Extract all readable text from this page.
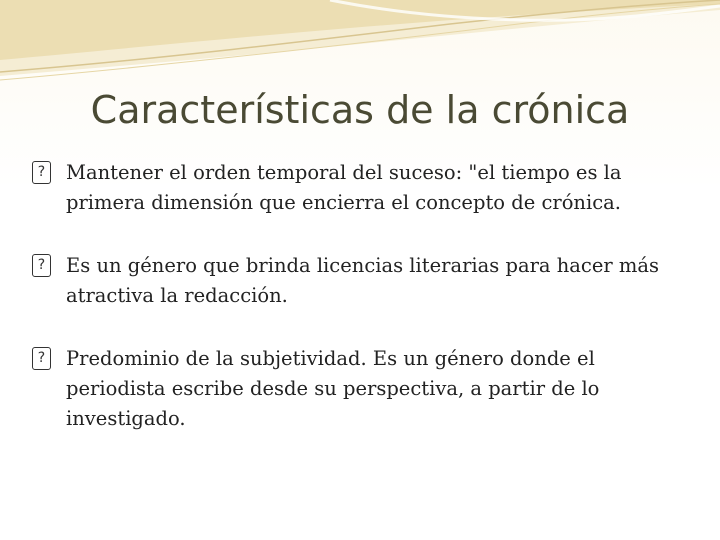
Características de la crónica
?
Mantener el orden temporal del suceso: "el tiempo es la primera dimensión que encierra el concepto de crónica.
?
Es un género que brinda licencias literarias para hacer más atractiva la redacción.
?
Predominio de la subjetividad. Es un género donde el periodista escribe desde su perspectiva, a partir de lo investigado.
